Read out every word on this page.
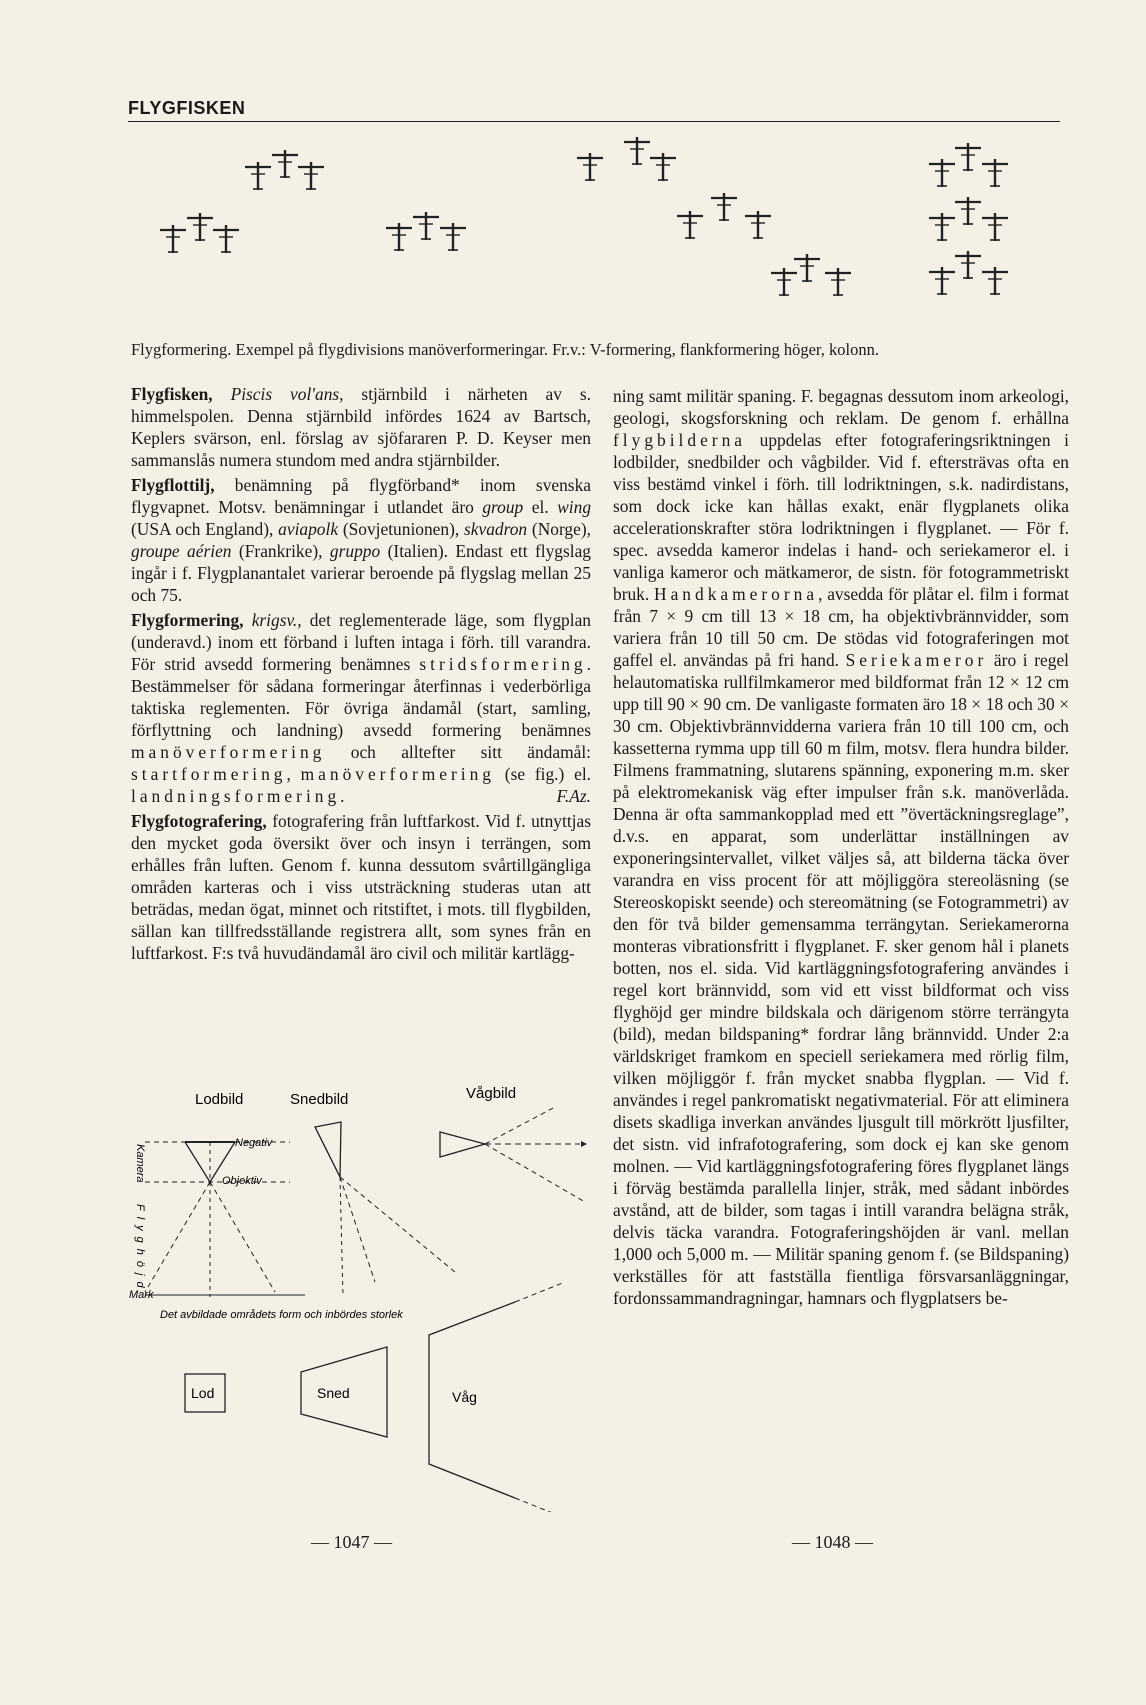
FLYGFISKEN
Flygformering. Exempel på flygdivisions manöverformeringar. Fr.v.: V-formering, flankformering höger, kolonn.

Flygfisken, Piscis vol'ans, stjärnbild i närheten av s. himmelspolen. Denna stjärnbild infördes 1624 av Bartsch, Keplers svärson, enl. förslag av sjöfararen P. D. Keyser men sammanslås numera stundom med andra stjärnbilder.

Flygflottilj, benämning på flygförband* inom svenska flygvapnet. Motsv. benämningar i utlandet äro group el. wing (USA och England), aviapolk (Sovjetunionen), skvadron (Norge), groupe aérien (Frankrike), gruppo (Italien). Endast ett flygslag ingår i f. Flygplanantalet varierar beroende på flygslag mellan 25 och 75.

Flygformering, krigsv., det reglementerade läge, som flygplan (underavd.) inom ett förband i luften intaga i förh. till varandra. För strid avsedd formering benämnes stridsformering. Bestämmelser för sådana formeringar återfinnas i vederbörliga taktiska reglementen. För övriga ändamål (start, samling, förflyttning och landning) avsedd formering benämnes manöverformering och alltefter sitt ändamål: startformering, manöverformering (se fig.) el. landningsformering.	F.Az.

Flygfotografering, fotografering från luftfarkost. Vid f. utnyttjas den mycket goda översikt över och insyn i terrängen, som erhålles från luften. Genom f. kunna dessutom svårtillgängliga områden karteras och i viss utsträckning studeras utan att beträdas, medan ögat, minnet och ritstiftet, i mots. till flygbilden, sällan kan tillfredsställande registrera allt, som synes från en luftfarkost. F:s två huvudändamål äro civil och militär kartlägg-

Lodbild	Snedbild	Vågbild
Negativ
Objektiv
Kamera
Flyghöjd
Mark
Det avbildade områdets form och inbördes storlek
Lod	Sned	Våg

ning samt militär spaning. F. begagnas dessutom inom arkeologi, geologi, skogsforskning och reklam. De genom f. erhållna flygbilderna uppdelas efter fotograferingsriktningen i lodbilder, snedbilder och vågbilder. Vid f. eftersträvas ofta en viss bestämd vinkel i förh. till lodriktningen, s.k. nadirdistans, som dock icke kan hållas exakt, enär flygplanets olika accelerationskrafter störa lodriktningen i flygplanet. — För f. spec. avsedda kameror indelas i hand- och seriekameror el. i vanliga kameror och mätkameror, de sistn. för fotogrammetriskt bruk. Handkamerorna, avsedda för plåtar el. film i format från 7 × 9 cm till 13 × 18 cm, ha objektivbrännvidder, som variera från 10 till 50 cm. De stödas vid fotograferingen mot gaffel el. användas på fri hand. Seriekameror äro i regel helautomatiska rullfilmkameror med bildformat från 12 × 12 cm upp till 90 × 90 cm. De vanligaste formaten äro 18 × 18 och 30 × 30 cm. Objektivbrännvidderna variera från 10 till 100 cm, och kassetterna rymma upp till 60 m film, motsv. flera hundra bilder. Filmens frammatning, slutarens spänning, exponering m.m. sker på elektromekanisk väg efter impulser från s.k. manöverlåda. Denna är ofta sammankopplad med ett ”övertäckningsreglage”, d.v.s. en apparat, som underlättar inställningen av exponeringsintervallet, vilket väljes så, att bilderna täcka över varandra en viss procent för att möjliggöra stereoläsning (se Stereoskopiskt seende) och stereomätning (se Fotogrammetri) av den för två bilder gemensamma terrängytan. Seriekamerorna monteras vibrationsfritt i flygplanet. F. sker genom hål i planets botten, nos el. sida. Vid kartläggningsfotografering användes i regel kort brännvidd, som vid ett visst bildformat och viss flyghöjd ger mindre bildskala och därigenom större terrängyta (bild), medan bildspaning* fordrar lång brännvidd. Under 2:a världskriget framkom en speciell seriekamera med rörlig film, vilken möjliggör f. från mycket snabba flygplan. — Vid f. användes i regel pankromatiskt negativmaterial. För att eliminera disets skadliga inverkan användes ljusgult till mörkrött ljusfilter, det sistn. vid infrafotografering, som dock ej kan ske genom molnen. — Vid kartläggningsfotografering föres flygplanet längs i förväg bestämda parallella linjer, stråk, med sådant inbördes avstånd, att de bilder, som tagas i intill varandra belägna stråk, delvis täcka varandra. Fotograferingshöjden är vanl. mellan 1,000 och 5,000 m. — Militär spaning genom f. (se Bildspaning) verkställes för att fastställa fientliga försvarsanläggningar, fordonssammandragningar, hamnars och flygplatsers be-

— 1047 —	— 1048 —
